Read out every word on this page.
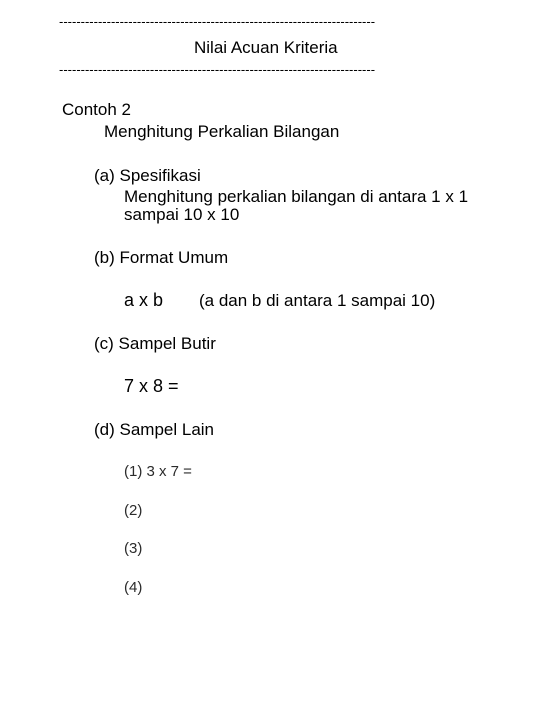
-------------------------------------------------------------------------
Nilai Acuan Kriteria
-------------------------------------------------------------------------
Contoh 2
Menghitung Perkalian Bilangan
(a) Spesifikasi
Menghitung perkalian bilangan di antara 1 x 1
sampai 10 x 10
(b) Format Umum
a x b (a dan b di antara 1 sampai 10)
(c) Sampel Butir
7 x 8 =
(d) Sampel Lain
(1) 3 x 7 =
(2)
(3)
(4)
